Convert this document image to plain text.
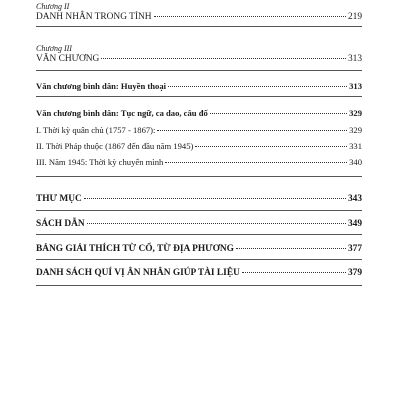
Chương II
DANH NHÂN TRONG TỈNH	219
Chương III
VĂN CHƯƠNG	313
Văn chương bình dân: Huyền thoại	313
Văn chương bình dân: Tục ngữ, ca dao, câu đố	329
I. Thời kỳ quân chủ (1757 - 1867):	329
II. Thời Pháp thuộc (1867 đến đầu năm 1945)	331
III. Năm 1945: Thời kỳ chuyển mình	340
THƯ MỤC	343
SÁCH DẪN	349
BẢNG GIẢI THÍCH TỪ CỔ, TỪ ĐỊA PHƯƠNG	377
DANH SÁCH QUÍ VỊ ÂN NHÂN GIÚP TÀI LIỆU	379
